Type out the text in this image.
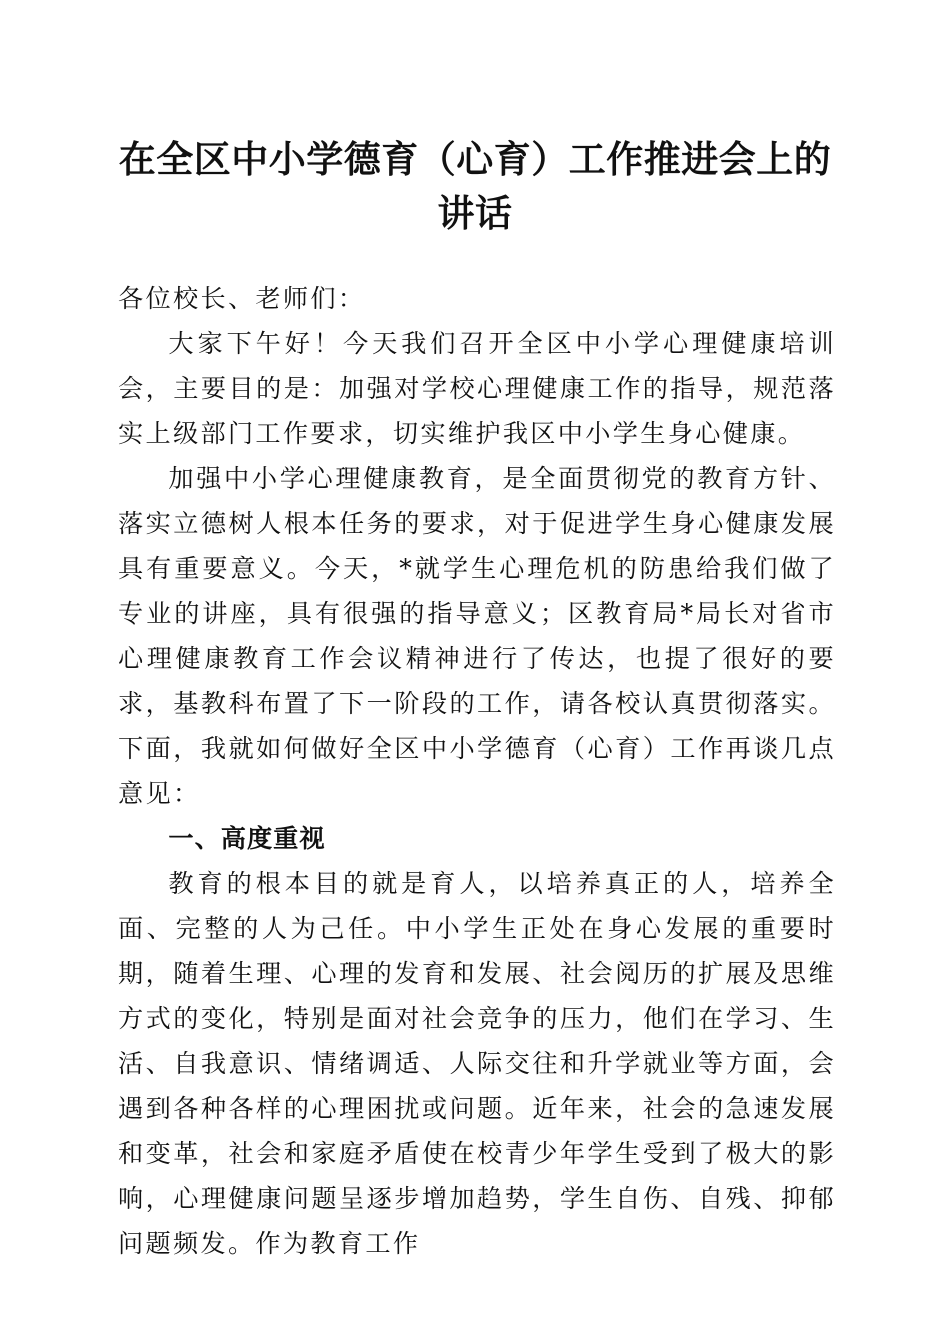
在全区中小学德育（心育）工作推进会上的讲话

各位校长、老师们：

大家下午好！今天我们召开全区中小学心理健康培训会，主要目的是：加强对学校心理健康工作的指导，规范落实上级部门工作要求，切实维护我区中小学生身心健康。

加强中小学心理健康教育，是全面贯彻党的教育方针、落实立德树人根本任务的要求，对于促进学生身心健康发展具有重要意义。今天，*就学生心理危机的防患给我们做了专业的讲座，具有很强的指导意义；区教育局*局长对省市心理健康教育工作会议精神进行了传达，也提了很好的要求，基教科布置了下一阶段的工作，请各校认真贯彻落实。下面，我就如何做好全区中小学德育（心育）工作再谈几点意见：

一、高度重视

教育的根本目的就是育人，以培养真正的人，培养全面、完整的人为己任。中小学生正处在身心发展的重要时期，随着生理、心理的发育和发展、社会阅历的扩展及思维方式的变化，特别是面对社会竞争的压力，他们在学习、生活、自我意识、情绪调适、人际交往和升学就业等方面，会遇到各种各样的心理困扰或问题。近年来，社会的急速发展和变革，社会和家庭矛盾使在校青少年学生受到了极大的影响，心理健康问题呈逐步增加趋势，学生自伤、自残、抑郁问题频发。作为教育工作
